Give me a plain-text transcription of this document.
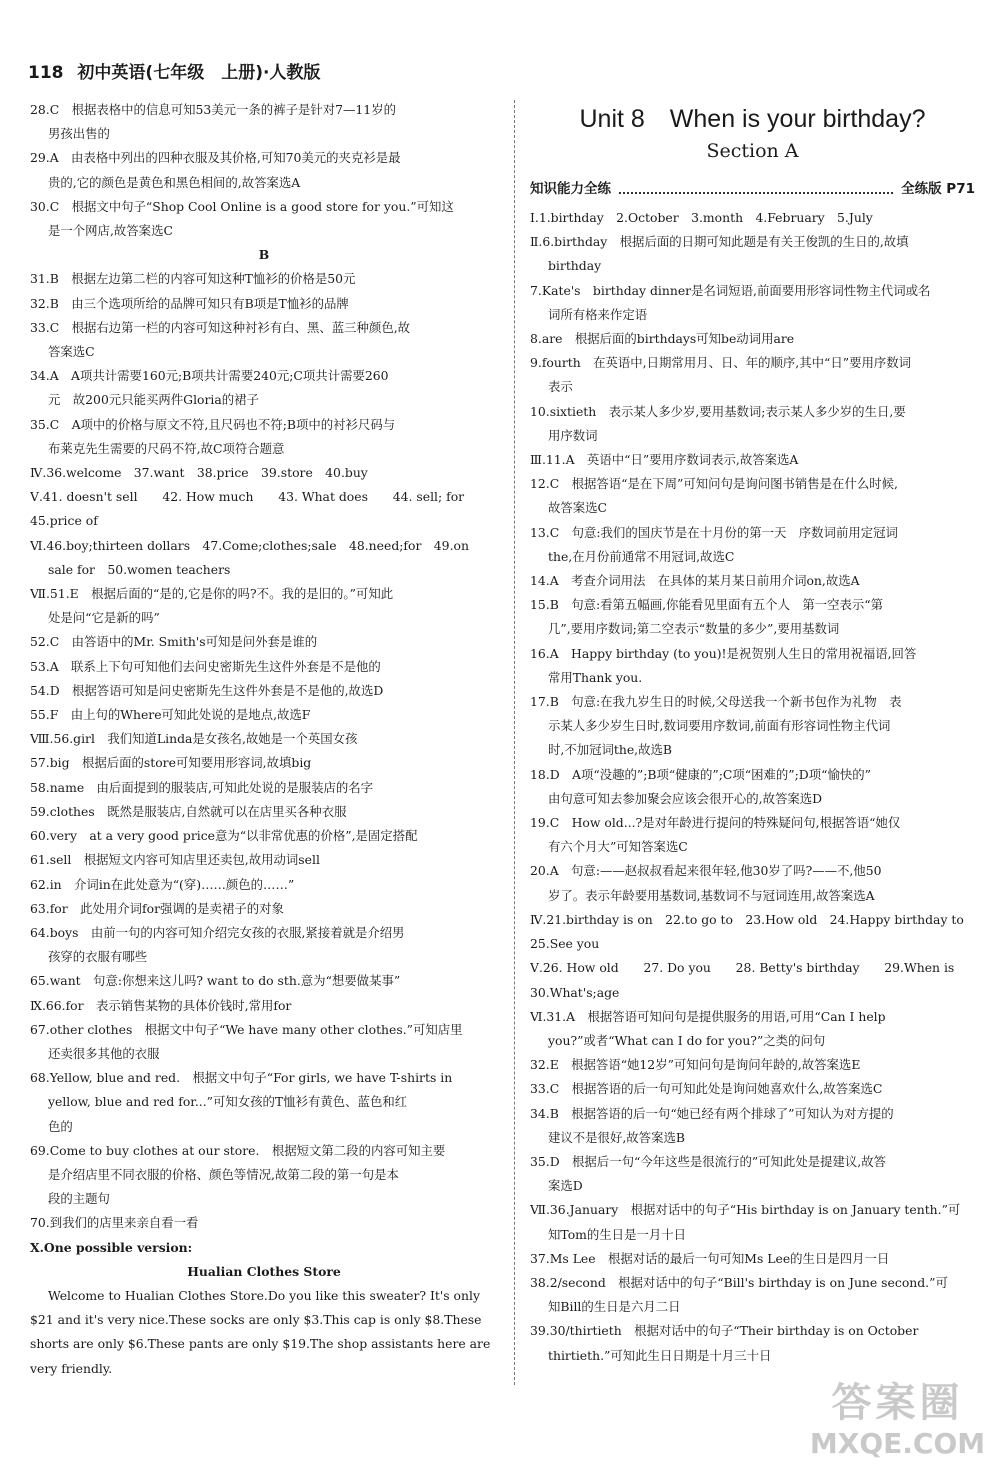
118 初中英语(七年级　上册)·人教版
28.C　根据表格中的信息可知53美元一条的裤子是针对7—11岁的
男孩出售的
29.A　由表格中列出的四种衣服及其价格,可知70美元的夹克衫是最
贵的,它的颜色是黄色和黑色相间的,故答案选A
30.C　根据文中句子“Shop Cool Online is a good store for you.”可知这
是一个网店,故答案选C
B
31.B　根据左边第二栏的内容可知这种T恤衫的价格是50元
32.B　由三个选项所给的品牌可知只有B项是T恤衫的品牌
33.C　根据右边第一栏的内容可知这种衬衫有白、黑、蓝三种颜色,故
答案选C
34.A　A项共计需要160元;B项共计需要240元;C项共计需要260
元　故200元只能买两件Gloria的裙子
35.C　A项中的价格与原文不符,且尺码也不符;B项中的衬衫尺码与
布莱克先生需要的尺码不符,故C项符合题意
Ⅳ.36.welcome　37.want　38.price　39.store　40.buy
Ⅴ.41. doesn't sell　　42. How much　　43. What does　　44. sell; for
45.price of
Ⅵ.46.boy;thirteen dollars　47.Come;clothes;sale　48.need;for　49.on
sale for　50.women teachers
Ⅶ.51.E　根据后面的“是的,它是你的吗?不。我的是旧的。”可知此
处是问“它是新的吗”
52.C　由答语中的Mr. Smith's可知是问外套是谁的
53.A　联系上下句可知他们去问史密斯先生这件外套是不是他的
54.D　根据答语可知是问史密斯先生这件外套是不是他的,故选D
55.F　由上句的Where可知此处说的是地点,故选F
Ⅷ.56.girl　我们知道Linda是女孩名,故她是一个英国女孩
57.big　根据后面的store可知要用形容词,故填big
58.name　由后面提到的服装店,可知此处说的是服装店的名字
59.clothes　既然是服装店,自然就可以在店里买各种衣服
60.very　at a very good price意为“以非常优惠的价格”,是固定搭配
61.sell　根据短文内容可知店里还卖包,故用动词sell
62.in　介词in在此处意为“(穿)……颜色的……”
63.for　此处用介词for强调的是卖裙子的对象
64.boys　由前一句的内容可知介绍完女孩的衣服,紧接着就是介绍男
孩穿的衣服有哪些
65.want　句意:你想来这儿吗? want to do sth.意为“想要做某事”
Ⅸ.66.for　表示销售某物的具体价钱时,常用for
67.other clothes　根据文中句子“We have many other clothes.”可知店里
还卖很多其他的衣服
68.Yellow, blue and red.　根据文中句子“For girls, we have T-shirts in
yellow, blue and red for...”可知女孩的T恤衫有黄色、蓝色和红
色的
69.Come to buy clothes at our store.　根据短文第二段的内容可知主要
是介绍店里不同衣服的价格、颜色等情况,故第二段的第一句是本
段的主题句
70.到我们的店里来亲自看一看
Ⅹ.One possible version:
Hualian Clothes Store
Welcome to Hualian Clothes Store.Do you like this sweater? It's only
$21 and it's very nice.These socks are only $3.This cap is only $8.These
shorts are only $6.These pants are only $19.The shop assistants here are
very friendly.
Unit 8　When is your birthday?
Section A
知识能力全练	全练版 P71
Ⅰ.1.birthday　2.October　3.month　4.February　5.July
Ⅱ.6.birthday　根据后面的日期可知此题是有关王俊凯的生日的,故填
birthday
7.Kate's　birthday dinner是名词短语,前面要用形容词性物主代词或名
词所有格来作定语
8.are　根据后面的birthdays可知be动词用are
9.fourth　在英语中,日期常用月、日、年的顺序,其中“日”要用序数词
表示
10.sixtieth　表示某人多少岁,要用基数词;表示某人多少岁的生日,要
用序数词
Ⅲ.11.A　英语中“日”要用序数词表示,故答案选A
12.C　根据答语“是在下周”可知问句是询问图书销售是在什么时候,
故答案选C
13.C　句意:我们的国庆节是在十月份的第一天　序数词前用定冠词
the,在月份前通常不用冠词,故选C
14.A　考查介词用法　在具体的某月某日前用介词on,故选A
15.B　句意:看第五幅画,你能看见里面有五个人　第一空表示“第
几”,要用序数词;第二空表示“数量的多少”,要用基数词
16.A　Happy birthday (to you)!是祝贺别人生日的常用祝福语,回答
常用Thank you.
17.B　句意:在我九岁生日的时候,父母送我一个新书包作为礼物　表
示某人多少岁生日时,数词要用序数词,前面有形容词性物主代词
时,不加冠词the,故选B
18.D　A项“没趣的”;B项“健康的”;C项“困难的”;D项“愉快的”
由句意可知去参加聚会应该会很开心的,故答案选D
19.C　How old...?是对年龄进行提问的特殊疑问句,根据答语“她仅
有六个月大”可知答案选C
20.A　句意:——赵叔叔看起来很年轻,他30岁了吗?——不,他50
岁了。表示年龄要用基数词,基数词不与冠词连用,故答案选A
Ⅳ.21.birthday is on　22.to go to　23.How old　24.Happy birthday to
25.See you
Ⅴ.26. How old　　27. Do you　　28. Betty's birthday　　29.When is
30.What's;age
Ⅵ.31.A　根据答语可知问句是提供服务的用语,可用“Can I help
you?”或者“What can I do for you?”之类的问句
32.E　根据答语“她12岁”可知问句是询问年龄的,故答案选E
33.C　根据答语的后一句可知此处是询问她喜欢什么,故答案选C
34.B　根据答语的后一句“她已经有两个排球了”可知认为对方提的
建议不是很好,故答案选B
35.D　根据后一句“今年这些是很流行的”可知此处是提建议,故答
案选D
Ⅶ.36.January　根据对话中的句子“His birthday is on January tenth.”可
知Tom的生日是一月十日
37.Ms Lee　根据对话的最后一句可知Ms Lee的生日是四月一日
38.2/second　根据对话中的句子“Bill's birthday is on June second.”可
知Bill的生日是六月二日
39.30/thirtieth　根据对话中的句子“Their birthday is on October
thirtieth.”可知此生日日期是十月三十日
答案圈
MXQE.COM
